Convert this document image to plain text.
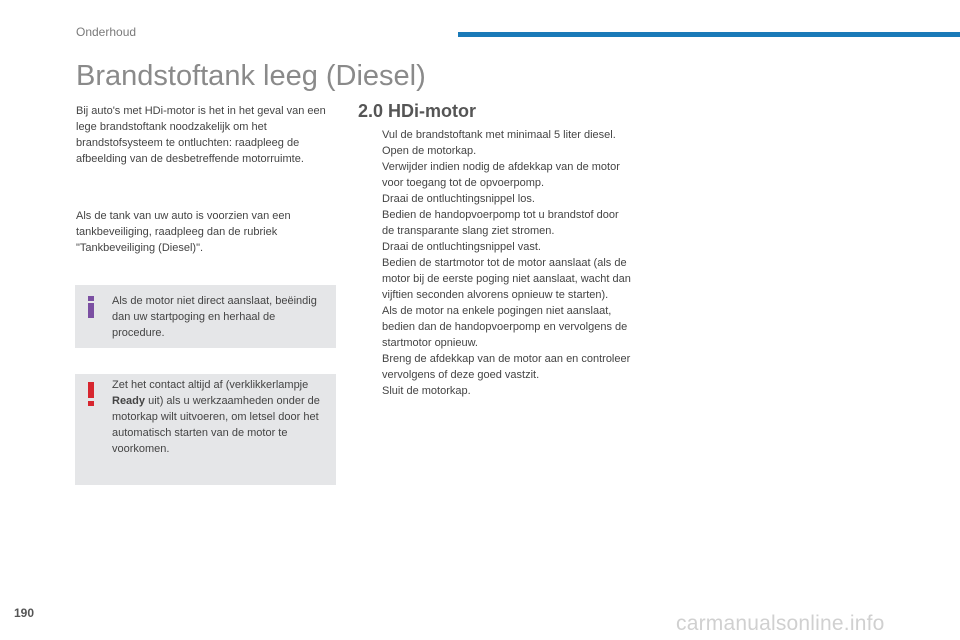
Onderhoud
Brandstoftank leeg (Diesel)

Bij auto's met HDi-motor is het in het geval van een lege brandstoftank noodzakelijk om het brandstofsysteem te ontluchten: raadpleeg de afbeelding van de desbetreffende motorruimte.

Als de tank van uw auto is voorzien van een tankbeveiliging, raadpleeg dan de rubriek "Tankbeveiliging (Diesel)".

Als de motor niet direct aanslaat, beëindig dan uw startpoging en herhaal de procedure.

Zet het contact altijd af (verklikkerlampje Ready uit) als u werkzaamheden onder de motorkap wilt uitvoeren, om letsel door het automatisch starten van de motor te voorkomen.

2.0 HDi-motor
Vul de brandstoftank met minimaal 5 liter diesel.
Open de motorkap.
Verwijder indien nodig de afdekkap van de motor voor toegang tot de opvoerpomp.
Draai de ontluchtingsnippel los.
Bedien de handopvoerpomp tot u brandstof door de transparante slang ziet stromen.
Draai de ontluchtingsnippel vast.
Bedien de startmotor tot de motor aanslaat (als de motor bij de eerste poging niet aanslaat, wacht dan vijftien seconden alvorens opnieuw te starten).
Als de motor na enkele pogingen niet aanslaat, bedien dan de handopvoerpomp en vervolgens de startmotor opnieuw.
Breng de afdekkap van de motor aan en controleer vervolgens of deze goed vastzit.
Sluit de motorkap.
190	carmanualsonline.info
